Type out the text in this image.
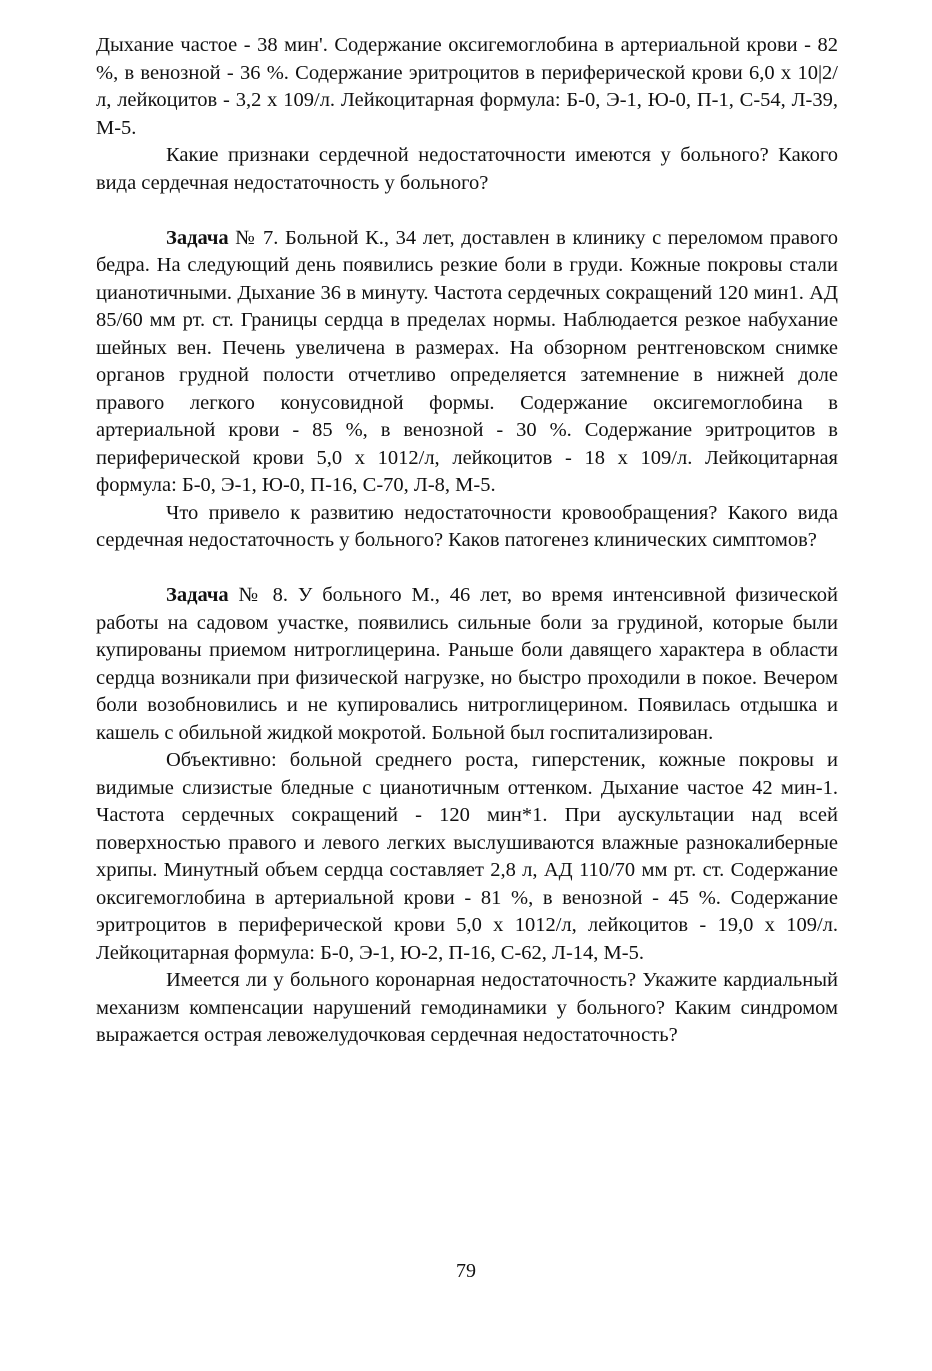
Дыхание частое - 38 мин'. Содержание оксигемоглобина в артериальной крови - 82 %, в венозной - 36 %. Содержание эритроцитов в периферической крови 6,0 х 10|2/л, лейкоцитов - 3,2 х 109/л. Лейкоцитарная формула: Б-0, Э-1, Ю-0, П-1, С-54, Л-39, М-5.

Какие признаки сердечной недостаточности имеются у больного? Какого вида сердечная недостаточность у больного?

Задача № 7. Больной К., 34 лет, доставлен в клинику с переломом правого бедра. На следующий день появились резкие боли в груди. Кожные покровы стали цианотичными. Дыхание 36 в минуту. Частота сердечных сокращений 120 мин1. АД 85/60 мм рт. ст. Границы сердца в пределах нормы. Наблюдается резкое набухание шейных вен. Печень увеличена в размерах. На обзорном рентгеновском снимке органов грудной полости отчетливо определяется затемнение в нижней доле правого легкого конусовидной формы. Содержание оксигемоглобина в артериальной крови - 85 %, в венозной - 30 %. Содержание эритроцитов в периферической крови 5,0 х 1012/л, лейкоцитов - 18 х 109/л. Лейкоцитарная формула: Б-0, Э-1, Ю-0, П-16, С-70, Л-8, М-5.

Что привело к развитию недостаточности кровообращения? Какого вида сердечная недостаточность у больного? Каков патогенез клинических симптомов?

Задача № 8. У больного М., 46 лет, во время интенсивной физической работы на садовом участке, появились сильные боли за грудиной, которые были купированы приемом нитроглицерина. Раньше боли давящего характера в области сердца возникали при физической нагрузке, но быстро проходили в покое. Вечером боли возобновились и не купировались нитроглицерином. Появилась отдышка и кашель с обильной жидкой мокротой. Больной был госпитализирован.

Объективно: больной среднего роста, гиперстеник, кожные покровы и видимые слизистые бледные с цианотичным оттенком. Дыхание частое 42 мин-1. Частота сердечных сокращений - 120 мин*1. При аускультации над всей поверхностью правого и левого легких выслушиваются влажные разнокалиберные хрипы. Минутный объем сердца составляет 2,8 л, АД 110/70 мм рт. ст. Содержание оксигемоглобина в артериальной крови - 81 %, в венозной - 45 %. Содержание эритроцитов в периферической крови 5,0 х 1012/л, лейкоцитов - 19,0 х 109/л. Лейкоцитарная формула: Б-0, Э-1, Ю-2, П-16, С-62, Л-14, М-5.

Имеется ли у больного коронарная недостаточность? Укажите кардиальный механизм компенсации нарушений гемодинамики у больного? Каким синдромом выражается острая левожелудочковая сердечная недостаточность?

79
